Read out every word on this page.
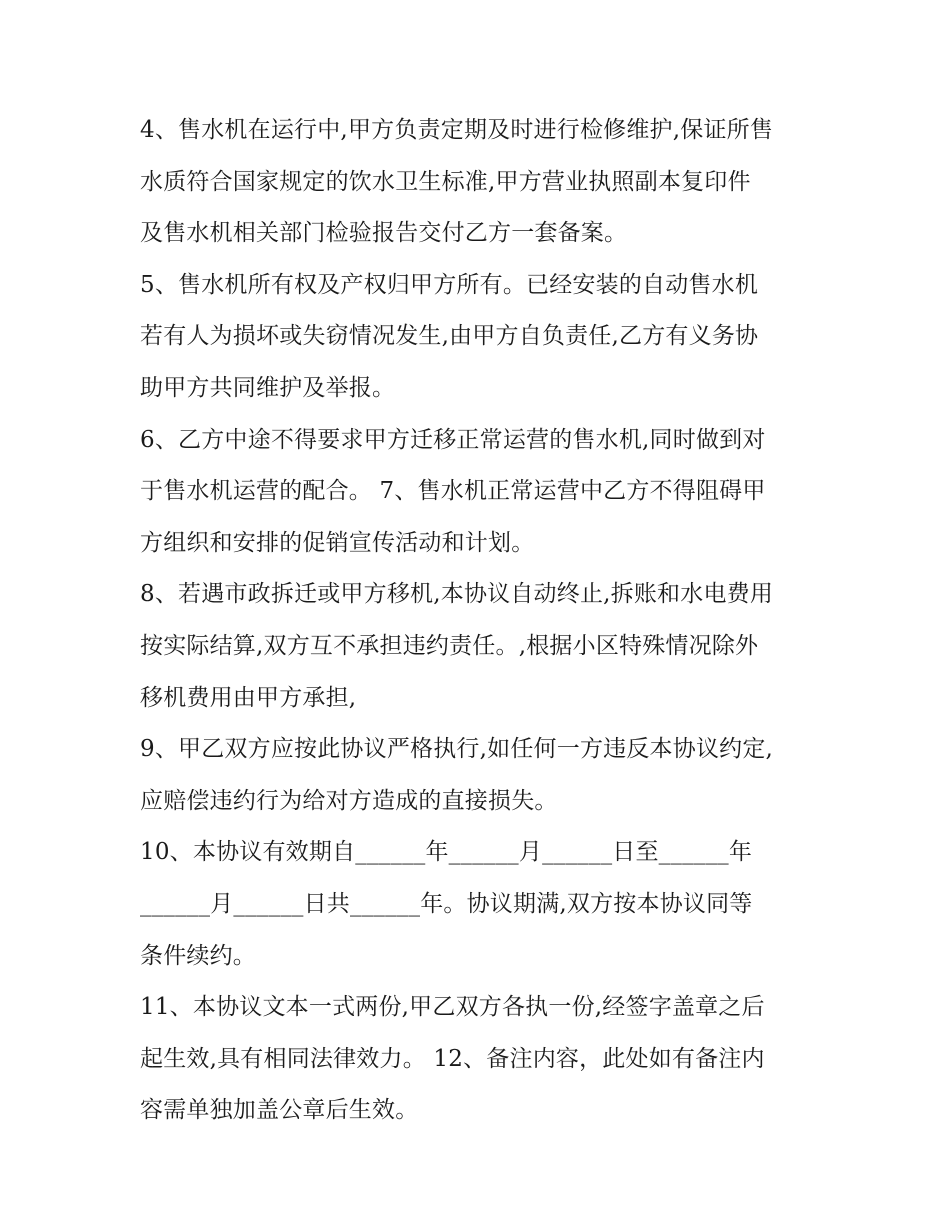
4、售水机在运行中,甲方负责定期及时进行检修维护,保证所售
水质符合国家规定的饮水卫生标准,甲方营业执照副本复印件
及售水机相关部门检验报告交付乙方一套备案。
5、售水机所有权及产权归甲方所有。已经安装的自动售水机
若有人为损坏或失窃情况发生,由甲方自负责任,乙方有义务协
助甲方共同维护及举报。
6、乙方中途不得要求甲方迁移正常运营的售水机,同时做到对
于售水机运营的配合。 7、售水机正常运营中乙方不得阻碍甲
方组织和安排的促销宣传活动和计划。
8、若遇市政拆迁或甲方移机,本协议自动终止,拆账和水电费用
按实际结算,双方互不承担违约责任。,根据小区特殊情况除外
移机费用由甲方承担,
9、甲乙双方应按此协议严格执行,如任何一方违反本协议约定,
应赔偿违约行为给对方造成的直接损失。
10、本协议有效期自______年______月______日至______年
______月______日共______年。协议期满,双方按本协议同等
条件续约。
11、本协议文本一式两份,甲乙双方各执一份,经签字盖章之后
起生效,具有相同法律效力。 12、备注内容，此处如有备注内
容需单独加盖公章后生效。
